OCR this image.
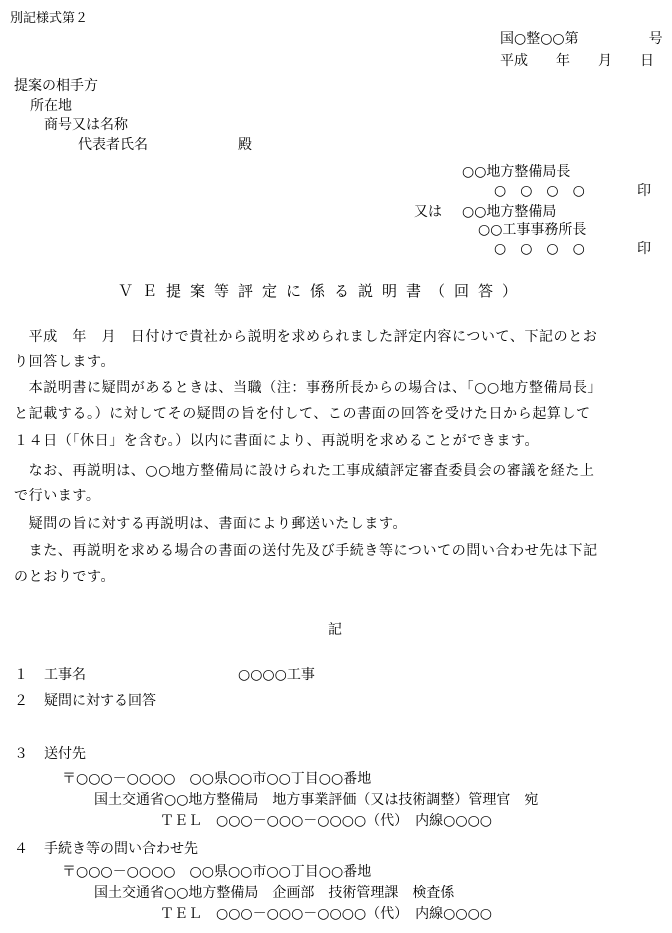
別記様式第２
国○整○○第　　　　　号
平成　　年　　月　　日
提案の相手方
所在地
商号又は名称
代表者氏名	殿
○○地方整備局長
○　○　○　○	印
又は ○○地方整備局
○○工事事務所長
○　○　○　○	印
ＶＥ提案等評定に係る説明書（回答）
　平成　年　月　日付けで貴社から説明を求められました評定内容について、下記のとお
り回答します。
　本説明書に疑問があるときは、当職（注：事務所長からの場合は、「○○地方整備局長」
と記載する。）に対してその疑問の旨を付して、この書面の回答を受けた日から起算して
１４日（「休日」を含む。）以内に書面により、再説明を求めることができます。
　なお、再説明は、○○地方整備局に設けられた工事成績評定審査委員会の審議を経た上
で行います。
　疑問の旨に対する再説明は、書面により郵送いたします。
　また、再説明を求める場合の書面の送付先及び手続き等についての問い合わせ先は下記
のとおりです。
記
１ 工事名	○○○○工事
２ 疑問に対する回答
３ 送付先
〒○○○－○○○○　○○県○○市○○丁目○○番地
国土交通省○○地方整備局　地方事業評価（又は技術調整）管理官　宛
ＴＥＬ　○○○－○○○－○○○○（代）　内線○○○○
４ 手続き等の問い合わせ先
〒○○○－○○○○　○○県○○市○○丁目○○番地
国土交通省○○地方整備局　企画部　技術管理課　検査係
ＴＥＬ　○○○－○○○－○○○○（代）　内線○○○○
